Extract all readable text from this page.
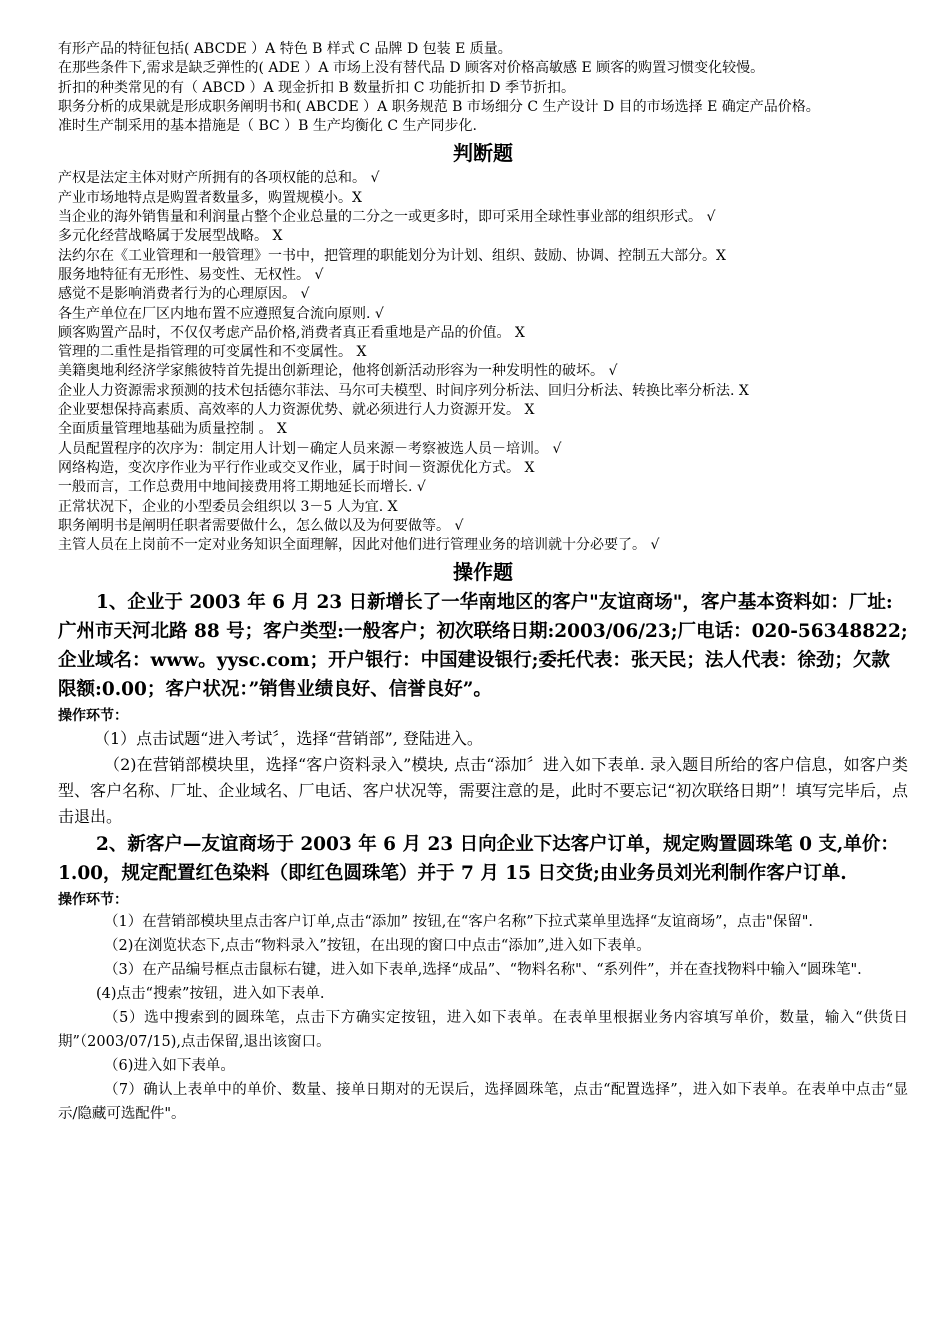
有形产品的特征包括( ABCDE ）A 特色 B 样式 C 品牌 D 包装 E 质量。

在那些条件下,需求是缺乏弹性的( ADE ）A 市场上没有替代品 D 顾客对价格高敏感 E 顾客的购置习惯变化较慢。

折扣的种类常见的有（ ABCD ）A 现金折扣 B 数量折扣 C 功能折扣 D 季节折扣。

职务分析的成果就是形成职务阐明书和( ABCDE ）A 职务规范 B 市场细分 C 生产设计 D 目的市场选择 E 确定产品价格。

准时生产制采用的基本措施是（ BC ）B 生产均衡化 C 生产同步化.

判断题

产权是法定主体对财产所拥有的各项权能的总和。 √

产业市场地特点是购置者数量多，购置规模小。X

当企业的海外销售量和利润量占整个企业总量的二分之一或更多时，即可采用全球性事业部的组织形式。 √

多元化经营战略属于发展型战略。 X

法约尔在《工业管理和一般管理》一书中，把管理的职能划分为计划、组织、鼓励、协调、控制五大部分。X

服务地特征有无形性、易变性、无权性。 √

感觉不是影响消费者行为的心理原因。 √

各生产单位在厂区内地布置不应遵照复合流向原则. √

顾客购置产品时，不仅仅考虑产品价格,消费者真正看重地是产品的价值。 X

管理的二重性是指管理的可变属性和不变属性。 X

美籍奥地利经济学家熊彼特首先提出创新理论，他将创新活动形容为一种发明性的破坏。 √

企业人力资源需求预测的技术包括德尔菲法、马尔可夫模型、时间序列分析法、回归分析法、转换比率分析法. X

企业要想保持高素质、高效率的人力资源优势、就必须进行人力资源开发。 X

全面质量管理地基础为质量控制 。 X

人员配置程序的次序为：制定用人计划－确定人员来源－考察被选人员－培训。 √

网络构造，变次序作业为平行作业或交叉作业，属于时间－资源优化方式。 X

一般而言，工作总费用中地间接费用将工期地延长而增长. √

正常状况下，企业的小型委员会组织以 3－5 人为宜. X

职务阐明书是阐明任职者需要做什么，怎么做以及为何要做等。 √

主管人员在上岗前不一定对业务知识全面理解，因此对他们进行管理业务的培训就十分必要了。 √

操作题

1、企业于 2003 年 6 月 23 日新增长了一华南地区的客户"友谊商场"，客户基本资料如：厂址:广州市天河北路 88 号；客户类型:一般客户；初次联络日期:2003/06/23;厂电话：020-56348822;企业域名：www。yysc.com；开户银行：中国建设银行;委托代表：张天民；法人代表：徐劲；欠款限额:0.00；客户状况：”销售业绩良好、信誉良好”。

操作环节：

（1）点击试题“进入考试〞，选择“营销部”, 登陆进入。

（2)在营销部模块里，选择“客户资料录入”模块, 点击“添加〞进入如下表单. 录入题目所给的客户信息，如客户类型、客户名称、厂址、企业域名、厂电话、客户状况等，需要注意的是，此时不要忘记“初次联络日期”！填写完毕后，点击退出。

2、新客户—友谊商场于 2003 年 6 月 23 日向企业下达客户订单，规定购置圆珠笔 0 支,单价：1.00，规定配置红色染料（即红色圆珠笔）并于 7 月 15 日交货;由业务员刘光利制作客户订单.

操作环节：

（1）在营销部模块里点击客户订单,点击“添加” 按钮,在“客户名称”下拉式菜单里选择“友谊商场”，点击"保留".

（2)在浏览状态下,点击“物料录入”按钮，在出现的窗口中点击“添加”,进入如下表单。

（3）在产品编号框点击鼠标右键，进入如下表单,选择“成品”、“物料名称"、“系列件”，并在查找物料中输入“圆珠笔".

(4)点击“搜索”按钮，进入如下表单.

（5）选中搜索到的圆珠笔，点击下方确实定按钮，进入如下表单。在表单里根据业务内容填写单价，数量，输入“供货日期”（2003/07/15),点击保留,退出该窗口。

（6)进入如下表单。

（7）确认上表单中的单价、数量、接单日期对的无误后，选择圆珠笔，点击“配置选择”，进入如下表单。在表单中点击“显示/隐藏可选配件"。
